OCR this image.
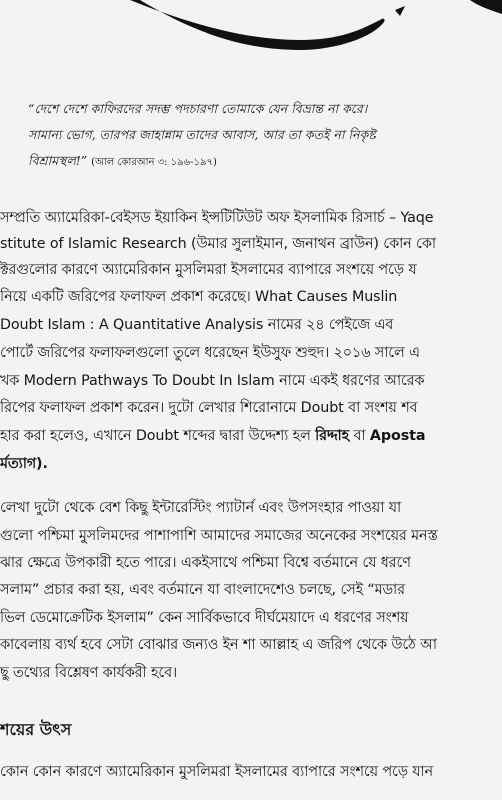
“দেশে দেশে কাফিরদের সদম্ভ পদচারণা তোমাকে যেন বিভ্রান্ত না করে।
সামান্য ভোগ, তারপর জাহান্নাম তাদের আবাস, আর তা কতই না নিকৃষ্ট
বিশ্রামস্থল!” (আল কোরআন ৩: ১৯৬-১৯৭)
সম্প্রতি অ্যামেরিকা-বেইসড ইয়াকিন ইন্সটিটিউট অফ ইসলামিক রিসার্চ – Yaqe
stitute of Islamic Research (উমার সুলাইমান, জনাথন ব্রাউন) কোন কো
ক্টরগুলোর কারণে অ্যামেরিকান মুসলিমরা ইসলামের ব্যাপারে সংশয়ে পড়ে য
নিয়ে একটি জরিপের ফলাফল প্রকাশ করেছে। What Causes Muslin
Doubt Islam : A Quantitative Analysis নামের ২৪ পেইজে এব
পোর্টে জরিপের ফলাফলগুলো তুলে ধরেছেন ইউসুফ শুহুদ। ২০১৬ সালে এ
খক Modern Pathways To Doubt In Islam নামে একই ধরণের আরেক
রিপের ফলাফল প্রকাশ করেন। দুটো লেখার শিরোনামে Doubt বা সংশয় শব
হার করা হলেও, এখানে Doubt শব্দের দ্বারা উদ্দেশ্য হল রিদ্দাহ বা Aposta
র্মত্যাগ).
লেখা দুটো থেকে বেশ কিছু ইন্টারেস্টিং প্যাটার্ন এবং উপসংহার পাওয়া যা
গুলো পশ্চিমা মুসলিমদের পাশাপাশি আমাদের সমাজের অনেকের সংশয়ের মনস্ত
ঝার ক্ষেত্রে উপকারী হতে পারে। একইসাথে পশ্চিমা বিশ্বে বর্তমানে যে ধরণে
সলাম” প্রচার করা হয়, এবং বর্তমানে যা বাংলাদেশেও চলছে, সেই “মডার
ভিল ডেমোক্রেটিক ইসলাম” কেন সার্বিকভাবে দীর্ঘমেয়াদে এ ধরণের সংশয়
কাবেলায় ব্যর্থ হবে সেটা বোঝার জন্যও ইন শা আল্লাহ এ জরিপ থেকে উঠে আ
ছু তথ্যের বিশ্লেষণ কার্যকরী হবে।
শয়ের উৎস
কোন কোন কারণে অ্যামেরিকান মুসলিমরা ইসলামের ব্যাপারে সংশয়ে পড়ে যান
